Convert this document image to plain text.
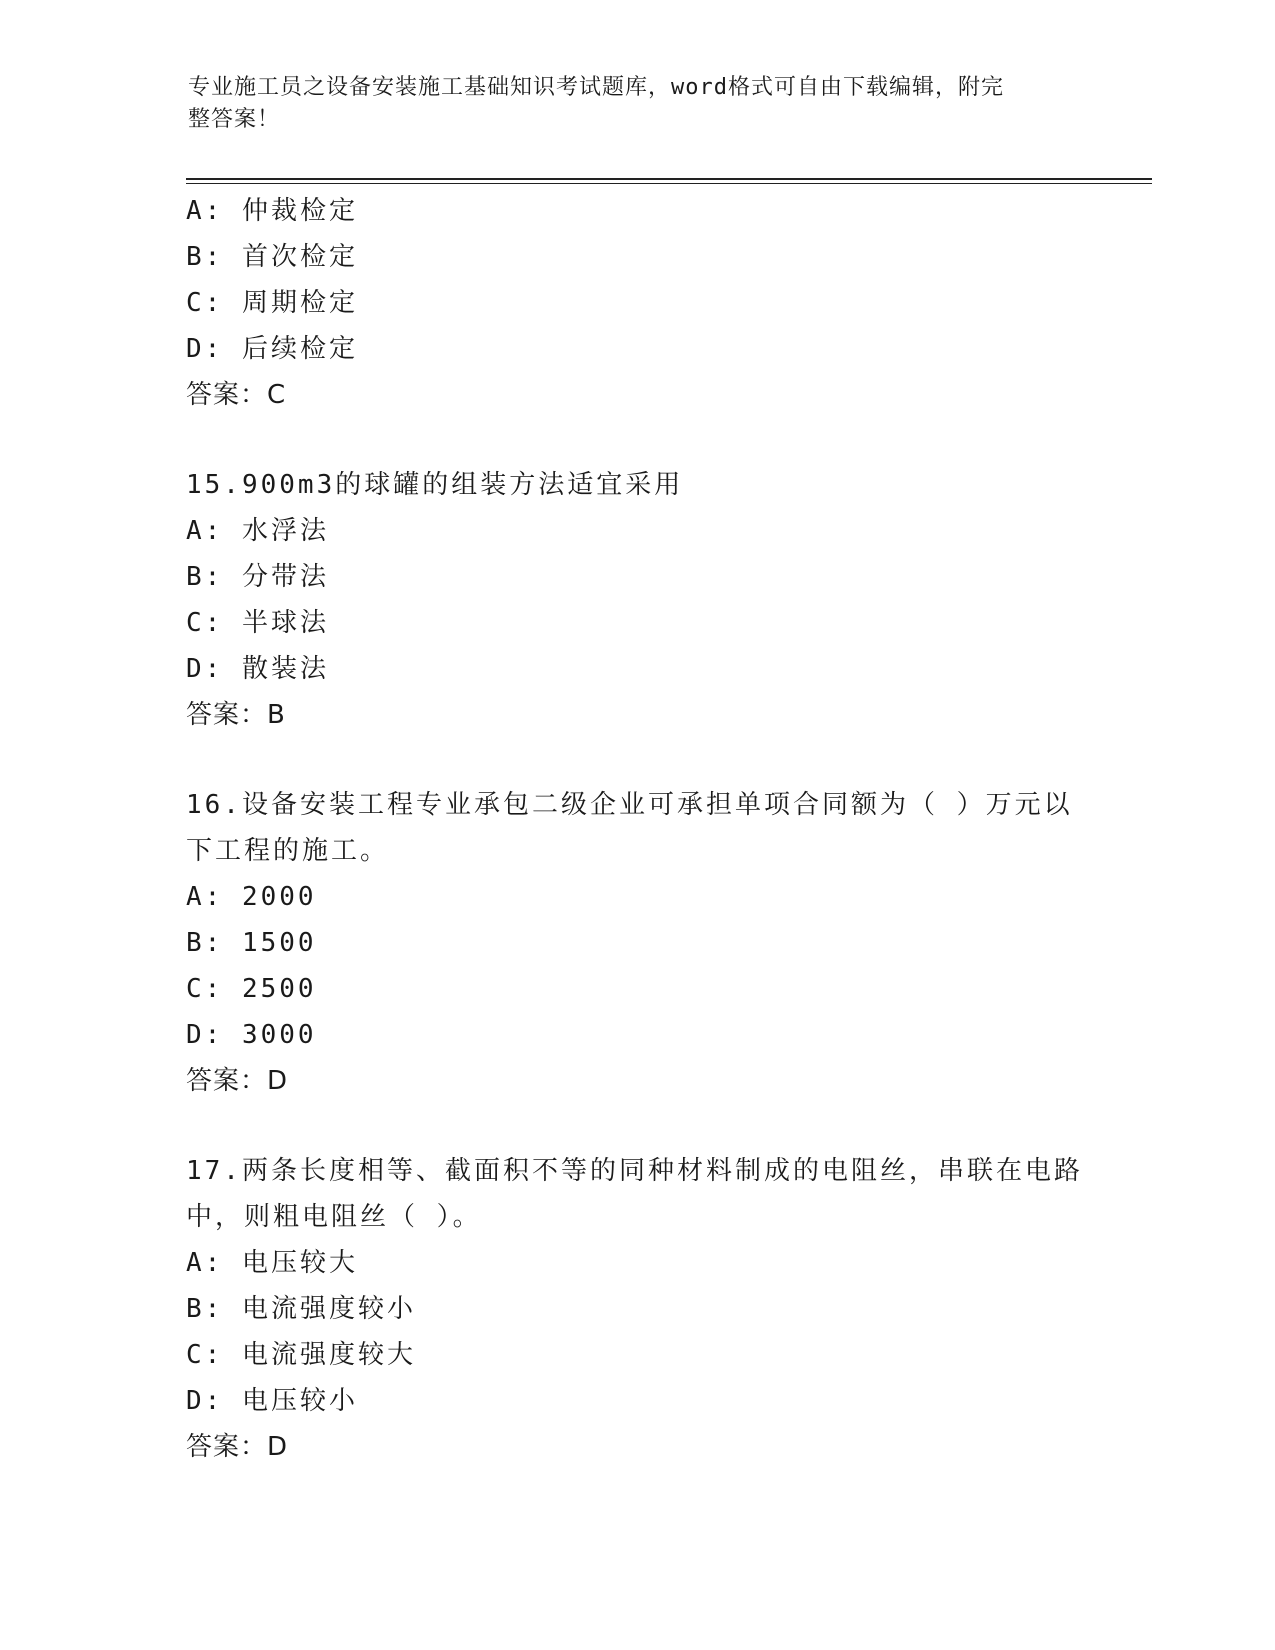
专业施工员之设备安装施工基础知识考试题库，word格式可自由下载编辑，附完
整答案！
A: 仲裁检定
B: 首次检定
C: 周期检定
D: 后续检定
答案：C
15.900m3的球罐的组装方法适宜采用
A: 水浮法
B: 分带法
C: 半球法
D: 散装法
答案：B
16.设备安装工程专业承包二级企业可承担单项合同额为（ ）万元以
下工程的施工。
A: 2000
B: 1500
C: 2500
D: 3000
答案：D
17.两条长度相等、截面积不等的同种材料制成的电阻丝，串联在电路
中，则粗电阻丝（ ）。
A: 电压较大
B: 电流强度较小
C: 电流强度较大
D: 电压较小
答案：D
